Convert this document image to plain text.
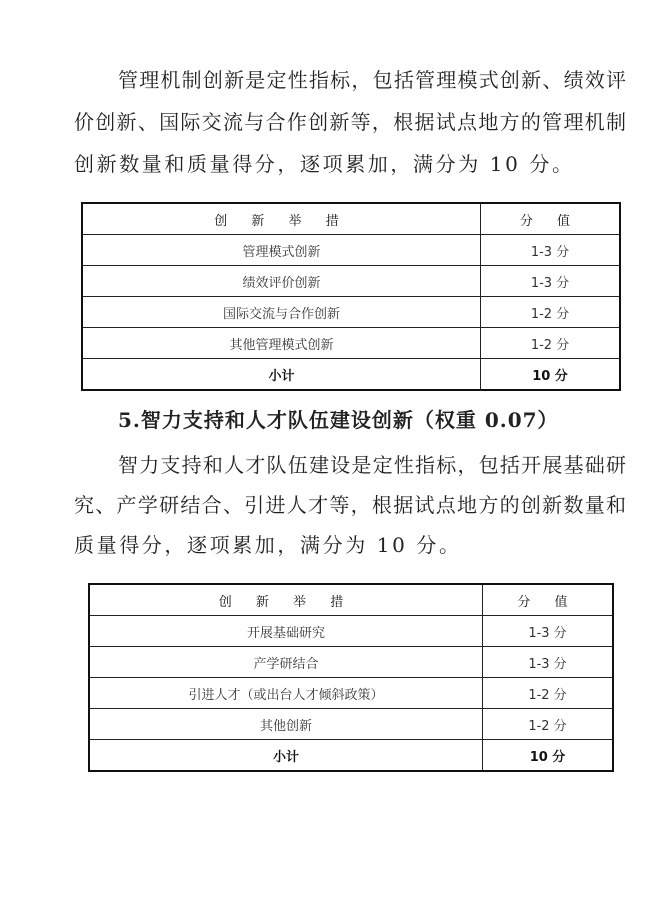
管理机制创新是定性指标，包括管理模式创新、绩效评
价创新、国际交流与合作创新等，根据试点地方的管理机制
创新数量和质量得分，逐项累加，满分为 10 分。
创 新 举 措	分 值
管理模式创新	1-3 分
绩效评价创新	1-3 分
国际交流与合作创新	1-2 分
其他管理模式创新	1-2 分
小计	10 分
5.智力支持和人才队伍建设创新（权重 0.07）
智力支持和人才队伍建设是定性指标，包括开展基础研
究、产学研结合、引进人才等，根据试点地方的创新数量和
质量得分，逐项累加，满分为 10 分。
创 新 举 措	分 值
开展基础研究	1-3 分
产学研结合	1-3 分
引进人才（或出台人才倾斜政策）	1-2 分
其他创新	1-2 分
小计	10 分
